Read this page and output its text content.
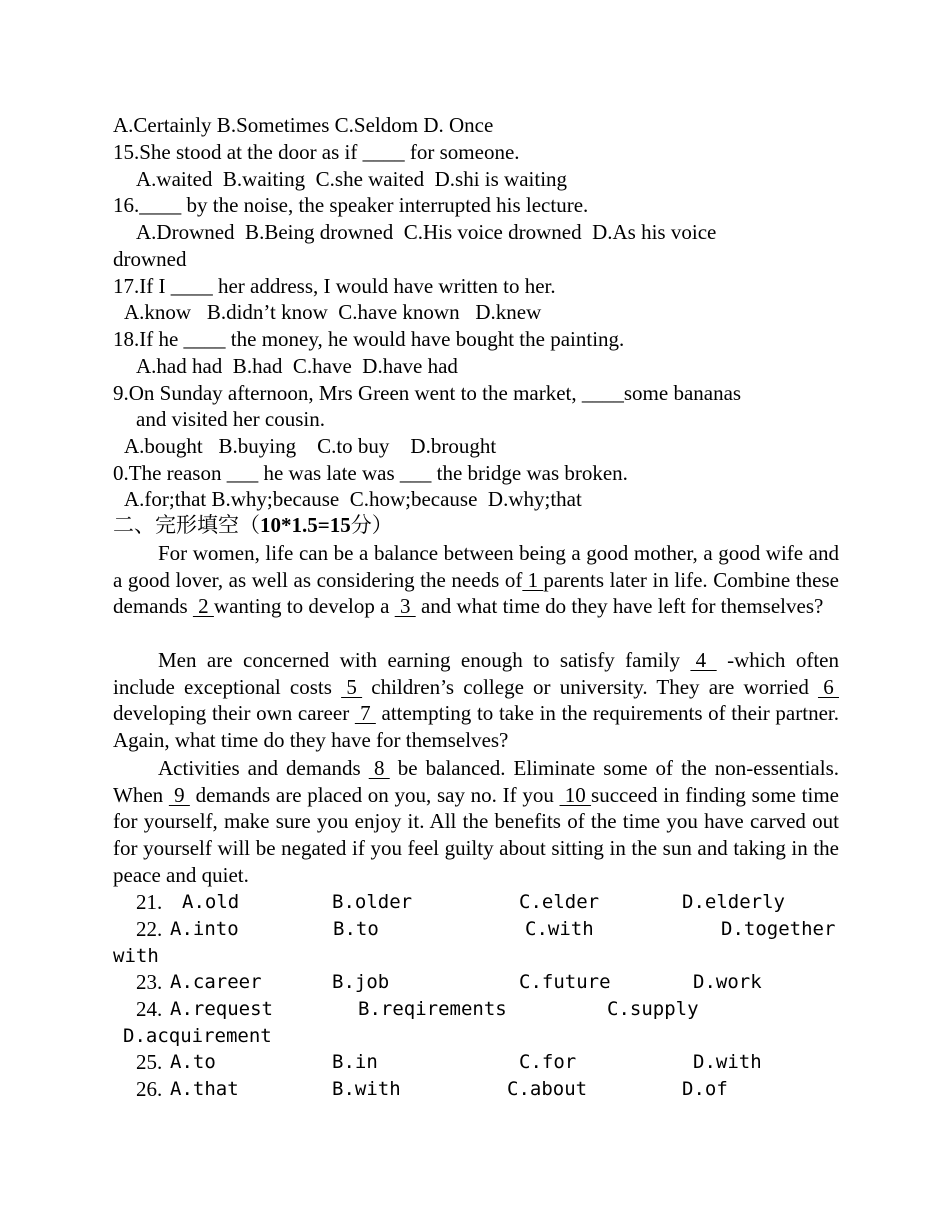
A.Certainly B.Sometimes C.Seldom D. Once
15.She stood at the door as if ____ for someone.
A.waited  B.waiting  C.she waited  D.shi is waiting
16.____ by the noise, the speaker interrupted his lecture.
A.Drowned  B.Being drowned  C.His voice drowned  D.As his voice
drowned
17.If I ____ her address, I would have written to her.
A.know   B.didn’t know  C.have known   D.knew
18.If he ____ the money, he would have bought the painting.
A.had had  B.had  C.have  D.have had
9.On Sunday afternoon, Mrs Green went to the market, ____some bananas
and visited her cousin.
A.bought   B.buying    C.to buy    D.brought
0.The reason ___ he was late was ___ the bridge was broken.
A.for;that B.why;because  C.how;because  D.why;that
二、完形填空（10*1.5=15分）
For women, life can be a balance between being a good mother, a good wife and a good lover, as well as considering the needs of 1 parents later in life. Combine these demands  2 wanting to develop a  3  and what time do they have left for themselves?
Men are concerned with earning enough to satisfy family  4   -which often include exceptional costs  5  children’s college or university. They are worried  6  developing their own career  7  attempting to take in the requirements of their partner. Again, what time do they have for themselves?
Activities and demands  8  be balanced. Eliminate some of the non-essentials. When  9  demands are placed on you, say no. If you  10 succeed in finding some time for yourself, make sure you enjoy it. All the benefits of the time you have carved out for yourself will be negated if you feel guilty about sitting in the sun and taking in the peace and quiet.
21. A.old	B.older	C.elder	D.elderly
22. A.into	B.to	C.with	D.together
with
23. A.career	B.job	C.future	D.work
24. A.request	B.reqirements	C.supply
D.acquirement
25. A.to	B.in	C.for	D.with
26. A.that	B.with	C.about	D.of
